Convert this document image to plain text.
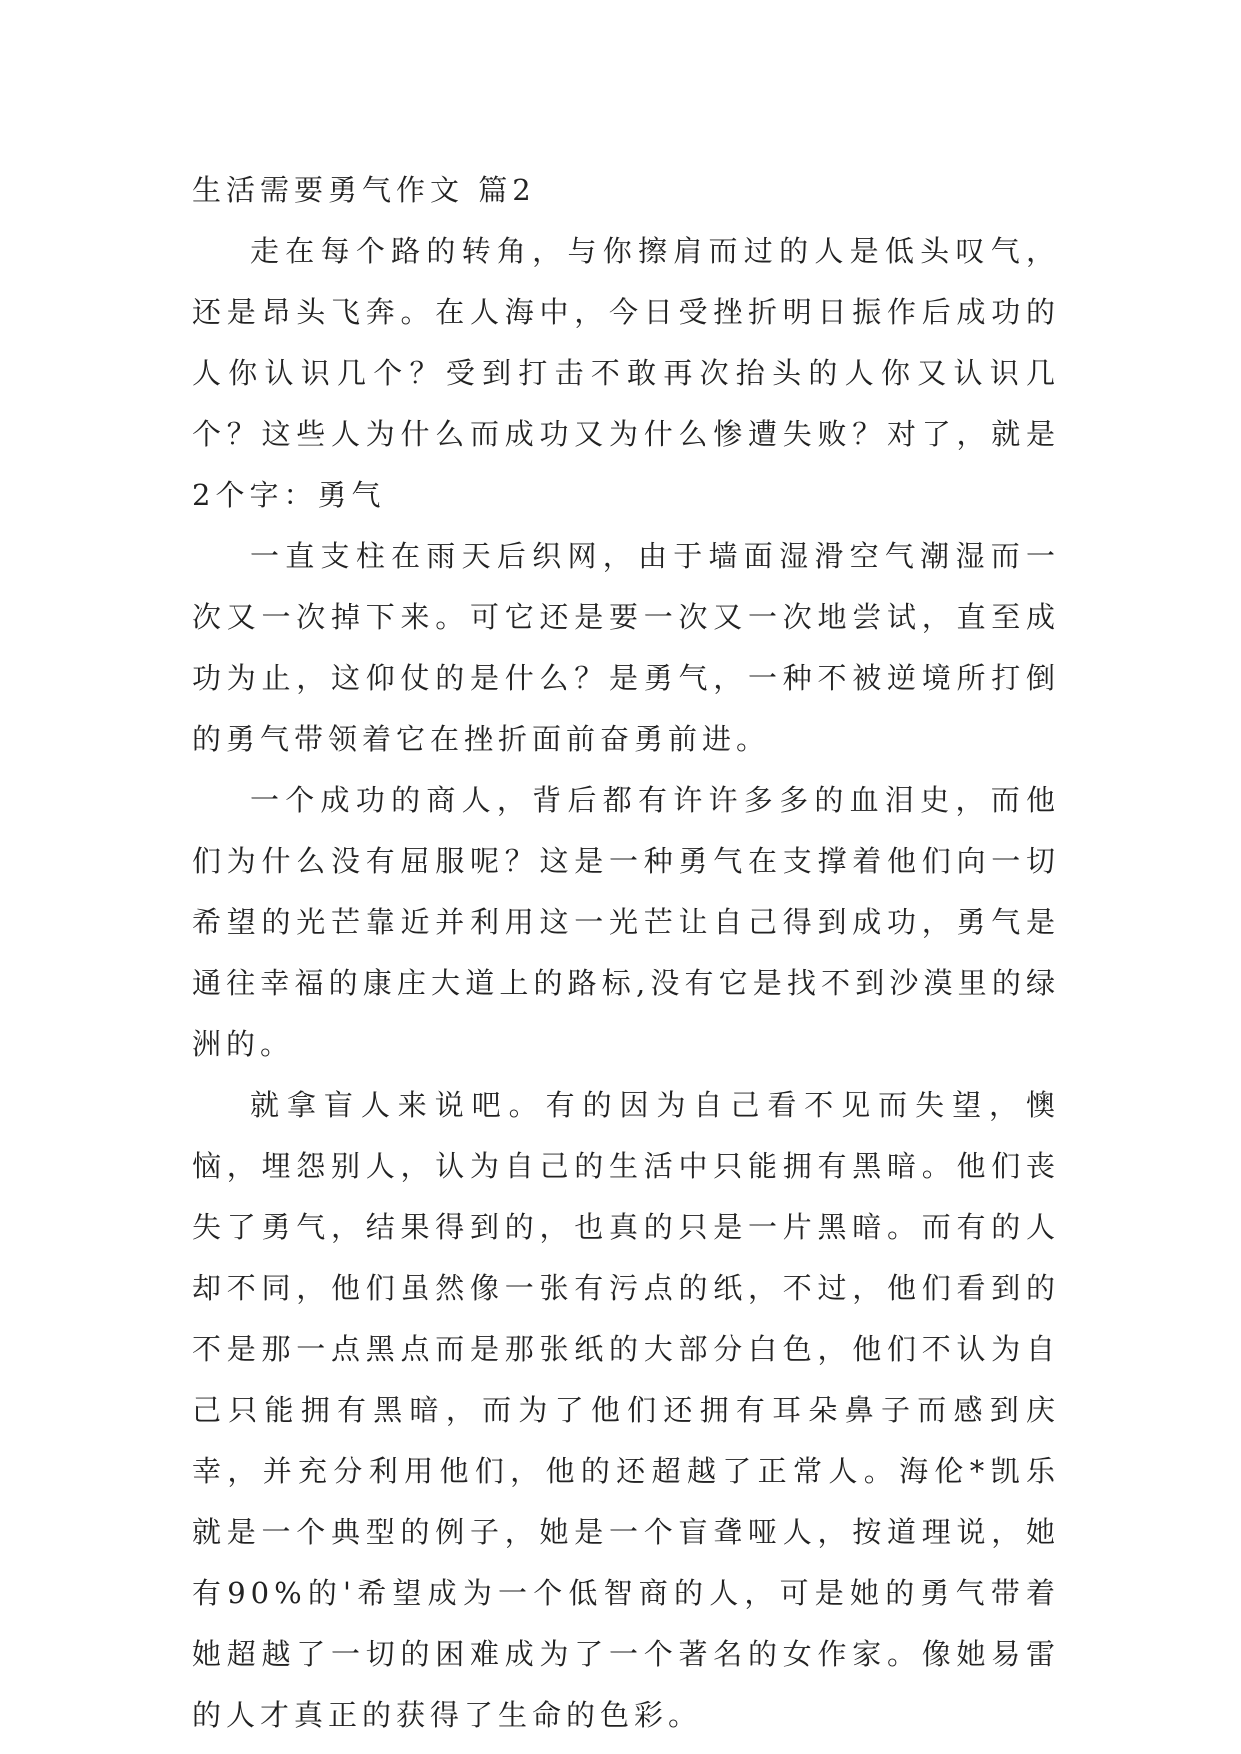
生活需要勇气作文 篇2

走在每个路的转角，与你擦肩而过的人是低头叹气，还是昂头飞奔。在人海中，今日受挫折明日振作后成功的人你认识几个？受到打击不敢再次抬头的人你又认识几个？这些人为什么而成功又为什么惨遭失败？对了，就是2个字：勇气

一直支柱在雨天后织网，由于墙面湿滑空气潮湿而一次又一次掉下来。可它还是要一次又一次地尝试，直至成功为止，这仰仗的是什么？是勇气，一种不被逆境所打倒的勇气带领着它在挫折面前奋勇前进。

一个成功的商人，背后都有许许多多的血泪史，而他们为什么没有屈服呢？这是一种勇气在支撑着他们向一切希望的光芒靠近并利用这一光芒让自己得到成功，勇气是通往幸福的康庄大道上的路标,没有它是找不到沙漠里的绿洲的。

就拿盲人来说吧。有的因为自己看不见而失望，懊恼，埋怨别人，认为自己的生活中只能拥有黑暗。他们丧失了勇气，结果得到的，也真的只是一片黑暗。而有的人却不同，他们虽然像一张有污点的纸，不过，他们看到的不是那一点黑点而是那张纸的大部分白色，他们不认为自己只能拥有黑暗，而为了他们还拥有耳朵鼻子而感到庆幸，并充分利用他们，他的还超越了正常人。海伦*凯乐就是一个典型的例子，她是一个盲聋哑人，按道理说，她有90%的'希望成为一个低智商的人，可是她的勇气带着她超越了一切的困难成为了一个著名的女作家。像她易雷的人才真正的获得了生命的色彩。
